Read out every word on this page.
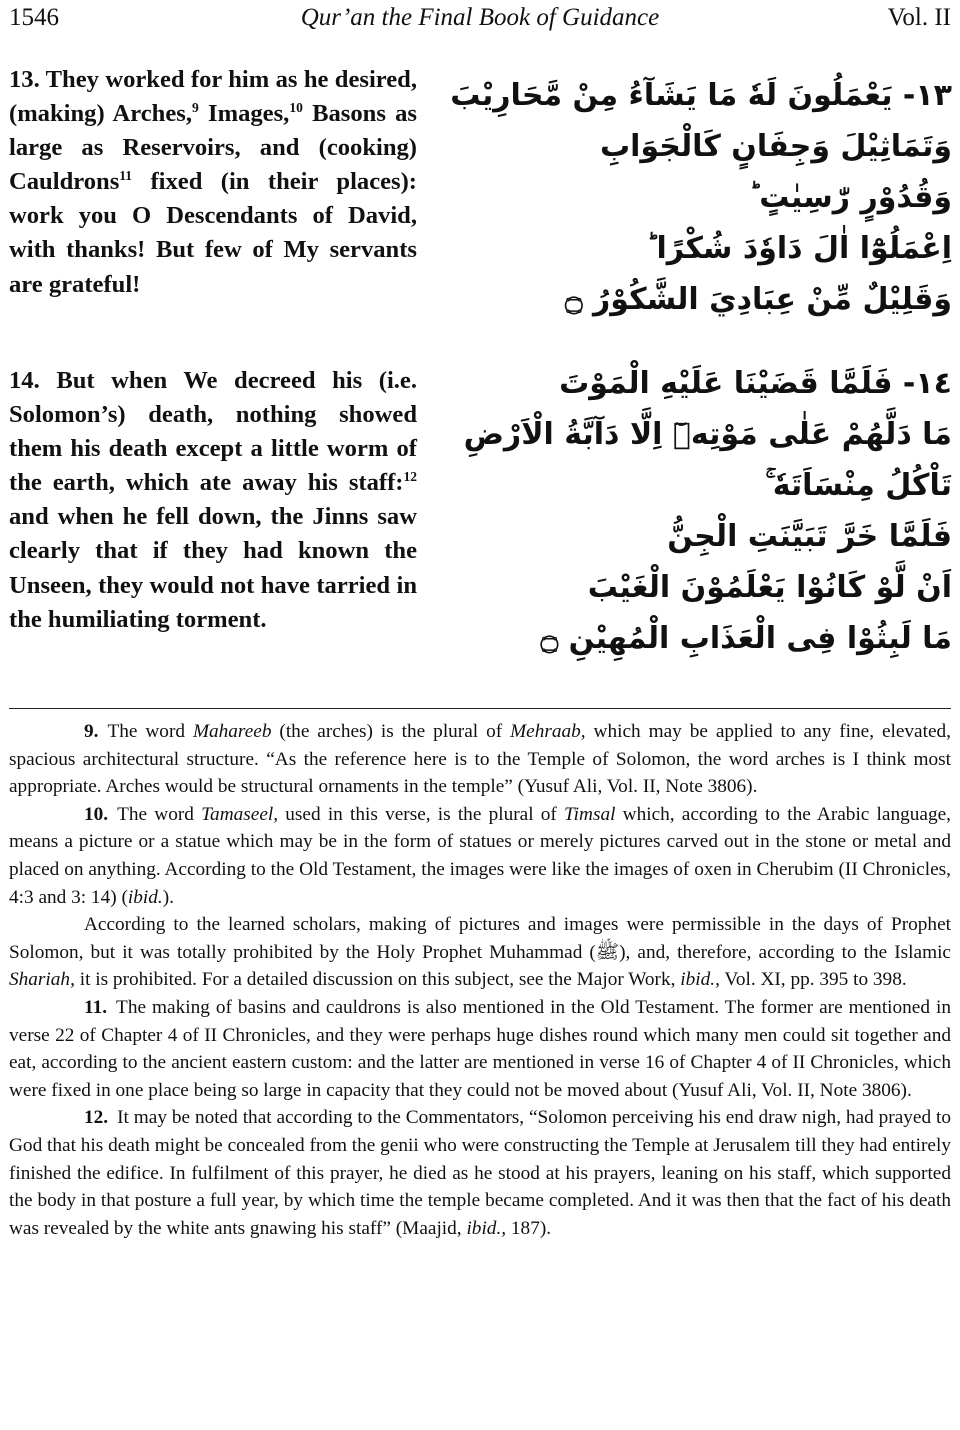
1546	Qur’an the Final Book of Guidance	Vol. II

13. They worked for him as he desired, (making) Arches,$^9$ Images,$^{10}$ Basons as large as Reservoirs, and (cooking) Cauldrons$^{11}$ fixed (in their places): work you O Descendants of David, with thanks! But few of My servants are grateful!

14. But when We decreed his (i.e. Solomon’s) death, nothing showed them his death except a little worm of the earth, which ate away his staff:$^{12}$ and when he fell down, the Jinns saw clearly that if they had known the Unseen, they would not have tarried in the humiliating torment.

١٣- يَعْمَلُونَ لَهٗ مَا يَشَآءُ مِنْ مَّحَارِيْبَ
وَتَمَاثِيْلَ وَجِفَانٍ كَالْجَوَابِ
وَقُدُوْرٍ رّٰسِيٰتٍ ؕ
اِعْمَلُوْٓا اٰلَ دَاوٗدَ شُكْرًا ؕ
وَقَلِيْلٌ مِّنْ عِبَادِيَ الشَّكُوْرُ ۝
١٤- فَلَمَّا قَضَيْنَا عَلَيْهِ الْمَوْتَ
مَا دَلَّهُمْ عَلٰى مَوْتِهٖٓ اِلَّا دَآبَّةُ الْاَرْضِ
تَاْكُلُ مِنْسَاَتَهٗ ۚ
فَلَمَّا خَرَّ تَبَيَّنَتِ الْجِنُّ
اَنْ لَّوْ كَانُوْا يَعْلَمُوْنَ الْغَيْبَ
مَا لَبِثُوْا فِى الْعَذَابِ الْمُهِيْنِ ۝

9. The word Mahareeb (the arches) is the plural of Mehraab, which may be applied to any fine, elevated, spacious architectural structure. “As the reference here is to the Temple of Solomon, the word arches is I think most appropriate. Arches would be structural ornaments in the temple” (Yusuf Ali, Vol. II, Note 3806).

10. The word Tamaseel, used in this verse, is the plural of Timsal which, according to the Arabic language, means a picture or a statue which may be in the form of statues or merely pictures carved out in the stone or metal and placed on anything. According to the Old Testament, the images were like the images of oxen in Cherubim (II Chronicles, 4:3 and 3: 14) (ibid.).

According to the learned scholars, making of pictures and images were permissible in the days of Prophet Solomon, but it was totally prohibited by the Holy Prophet Muhammad (ﷺ), and, therefore, according to the Islamic Shariah, it is prohibited. For a detailed discussion on this subject, see the Major Work, ibid., Vol. XI, pp. 395 to 398.

11. The making of basins and cauldrons is also mentioned in the Old Testament. The former are mentioned in verse 22 of Chapter 4 of II Chronicles, and they were perhaps huge dishes round which many men could sit together and eat, according to the ancient eastern custom: and the latter are mentioned in verse 16 of Chapter 4 of II Chronicles, which were fixed in one place being so large in capacity that they could not be moved about (Yusuf Ali, Vol. II, Note 3806).

12. It may be noted that according to the Commentators, “Solomon perceiving his end draw nigh, had prayed to God that his death might be concealed from the genii who were constructing the Temple at Jerusalem till they had entirely finished the edifice. In fulfilment of this prayer, he died as he stood at his prayers, leaning on his staff, which supported the body in that posture a full year, by which time the temple became completed. And it was then that the fact of his death was revealed by the white ants gnawing his staff” (Maajid, ibid., 187).
